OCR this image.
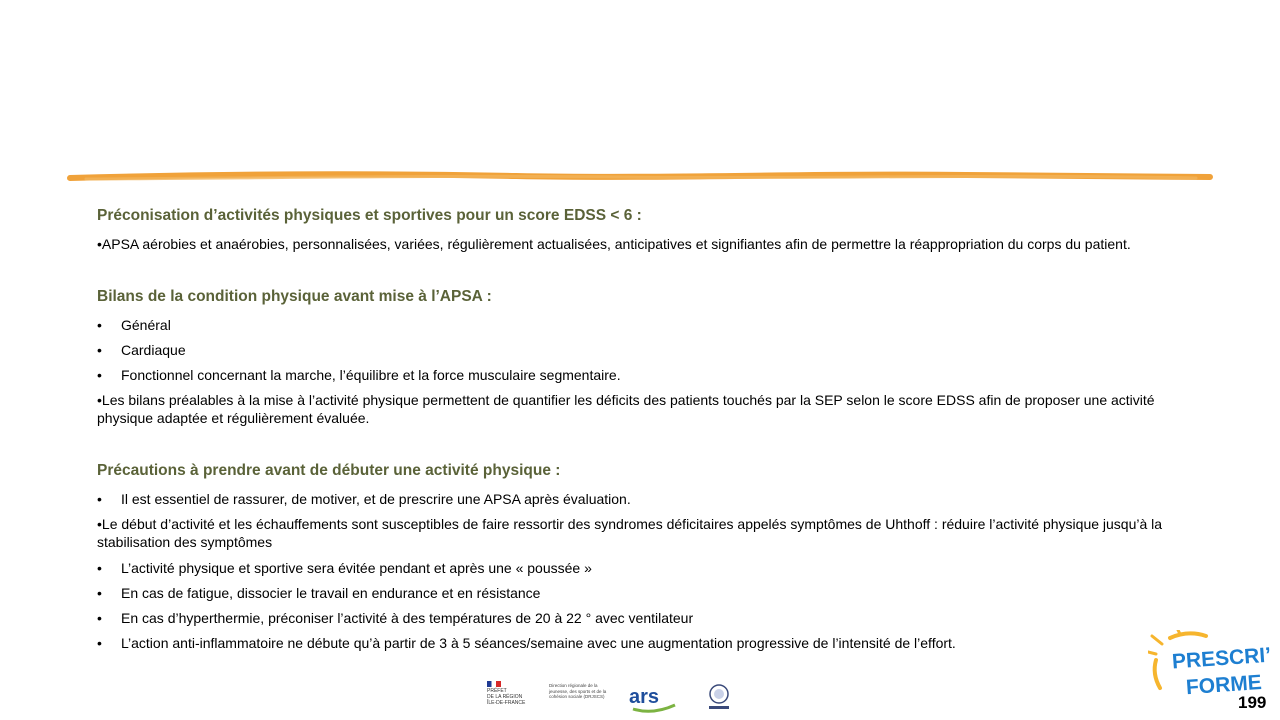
Préconisation d’activités physiques et sportives pour un score EDSS < 6 :
•APSA aérobies et anaérobies, personnalisées, variées, régulièrement actualisées, anticipatives et signifiantes afin de permettre la réappropriation du corps du patient.
Bilans de la condition physique avant mise à l’APSA :
•	Général
•	Cardiaque
•	Fonctionnel concernant la marche, l’équilibre et la force musculaire segmentaire.
•Les bilans préalables à la mise à l’activité physique permettent de quantifier les déficits des patients touchés par la SEP selon le score EDSS afin de proposer une activité physique adaptée et régulièrement évaluée.
Précautions à prendre avant de débuter une activité physique :
•	Il est essentiel de rassurer, de motiver, et de prescrire une APSA après évaluation.
•Le début d’activité et les échauffements sont susceptibles de faire ressortir des syndromes déficitaires appelés symptômes de Uhthoff : réduire l’activité physique jusqu’à la stabilisation des symptômes
•	L’activité physique et sportive sera évitée pendant et après une « poussée »
•	En cas de fatigue, dissocier le travail en endurance et en résistance
•	En cas d’hyperthermie, préconiser l’activité à des températures de 20 à 22 ° avec ventilateur
•	L’action anti-inflammatoire ne débute qu’à partir de 3 à 5 séances/semaine avec une augmentation progressive de l’intensité de l’effort.
PRÉFET
DE LA RÉGION
ÎLE-DE-FRANCE
Direction régionale de la jeunesse, des sports et de la cohésion sociale (DRJSCS)	ars
PRESCRI’
FORME
199
